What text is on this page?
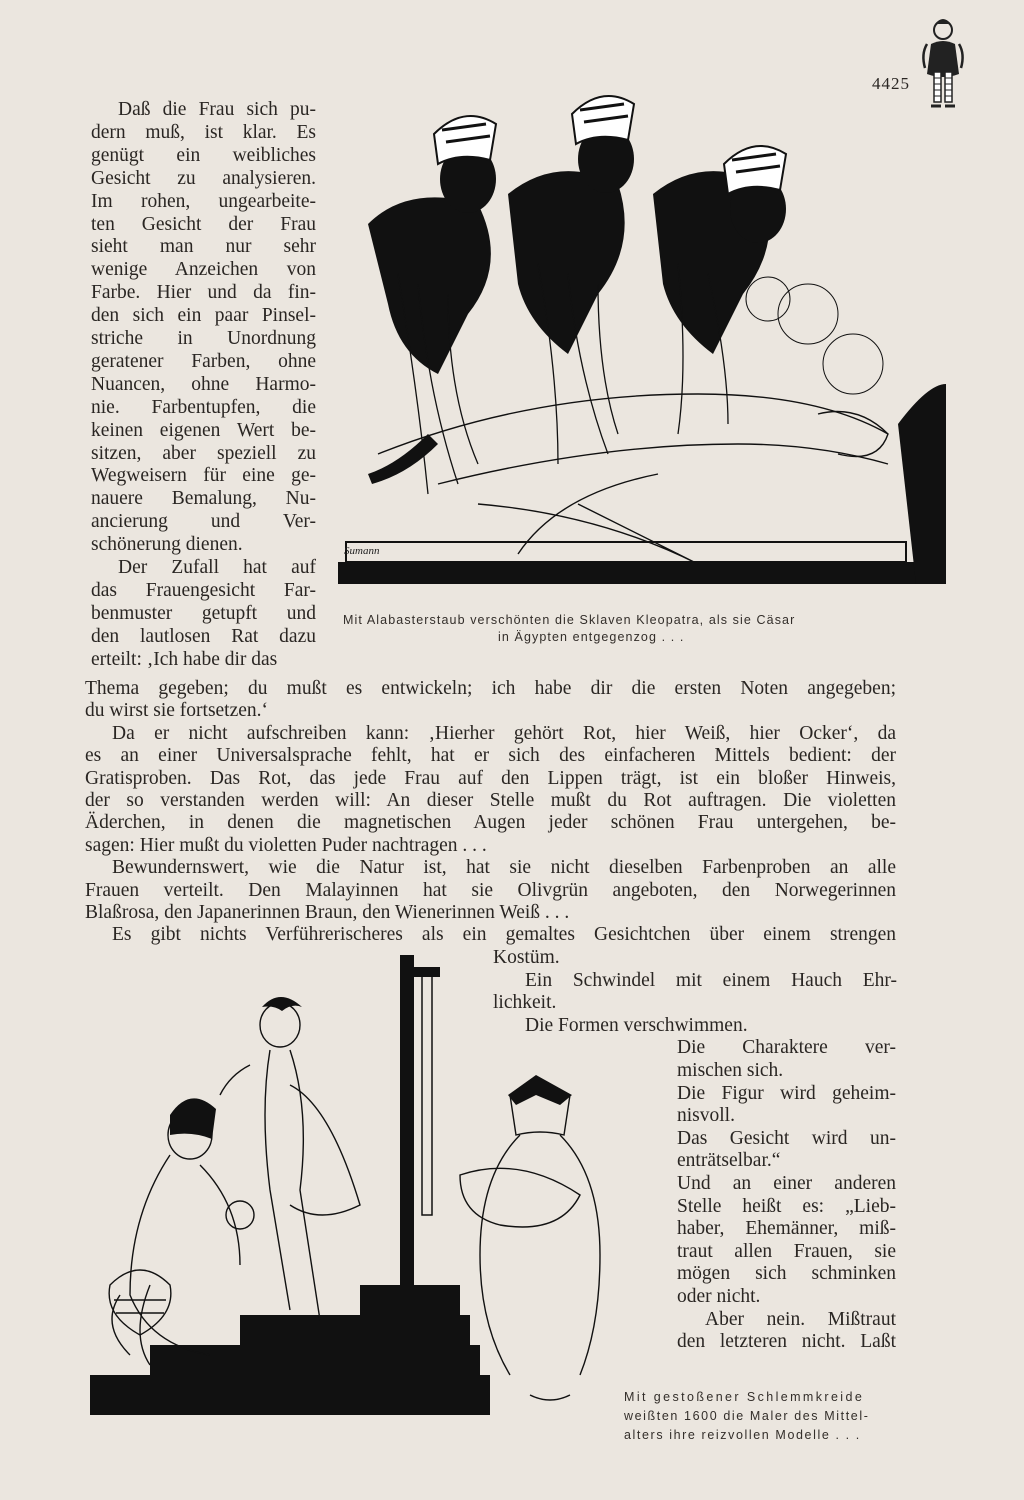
4425
Sumann
Mit Alabasterstaub verschönten die Sklaven Kleopatra, als sie Cäsar
in Ägypten entgegenzog . . .
Daß die Frau sich pu-
dern muß, ist klar. Es
genügt ein weibliches
Gesicht zu analysieren.
Im rohen, ungearbeite-
ten Gesicht der Frau
sieht man nur sehr
wenige Anzeichen von
Farbe. Hier und da fin-
den sich ein paar Pinsel-
striche in Unordnung
geratener Farben, ohne
Nuancen, ohne Harmo-
nie. Farbentupfen, die
keinen eigenen Wert be-
sitzen, aber speziell zu
Wegweisern für eine ge-
nauere Bemalung, Nu-
ancierung und Ver-
schönerung dienen.
Der Zufall hat auf
das Frauengesicht Far-
benmuster getupft und
den lautlosen Rat dazu
erteilt: ‚Ich habe dir das
Thema gegeben; du mußt es entwickeln; ich habe dir die ersten Noten angegeben;
du wirst sie fortsetzen.‘
Da er nicht aufschreiben kann: ‚Hierher gehört Rot, hier Weiß, hier Ocker‘, da
es an einer Universalsprache fehlt, hat er sich des einfacheren Mittels bedient: der
Gratisproben. Das Rot, das jede Frau auf den Lippen trägt, ist ein bloßer Hinweis,
der so verstanden werden will: An dieser Stelle mußt du Rot auftragen. Die violetten
Äderchen, in denen die magnetischen Augen jeder schönen Frau untergehen, be-
sagen: Hier mußt du violetten Puder nachtragen . . .
Bewundernswert, wie die Natur ist, hat sie nicht dieselben Farbenproben an alle
Frauen verteilt. Den Malayinnen hat sie Olivgrün angeboten, den Norwegerinnen
Blaßrosa, den Japanerinnen Braun, den Wienerinnen Weiß . . .
Es gibt nichts Verführerischeres als ein gemaltes Gesichtchen über einem strengen
Kostüm.
Ein Schwindel mit einem Hauch Ehr-
lichkeit.
Die Formen verschwimmen.
Die Charaktere ver-
mischen sich.
Die Figur wird geheim-
nisvoll.
Das Gesicht wird un-
enträtselbar.“
Und an einer anderen
Stelle heißt es: „Lieb-
haber, Ehemänner, miß-
traut allen Frauen, sie
mögen sich schminken
oder nicht.
Aber nein. Mißtraut
den letzteren nicht. Laßt
Mit gestoßener Schlemmkreide
weißten 1600 die Maler des Mittel-
alters ihre reizvollen Modelle . . .
